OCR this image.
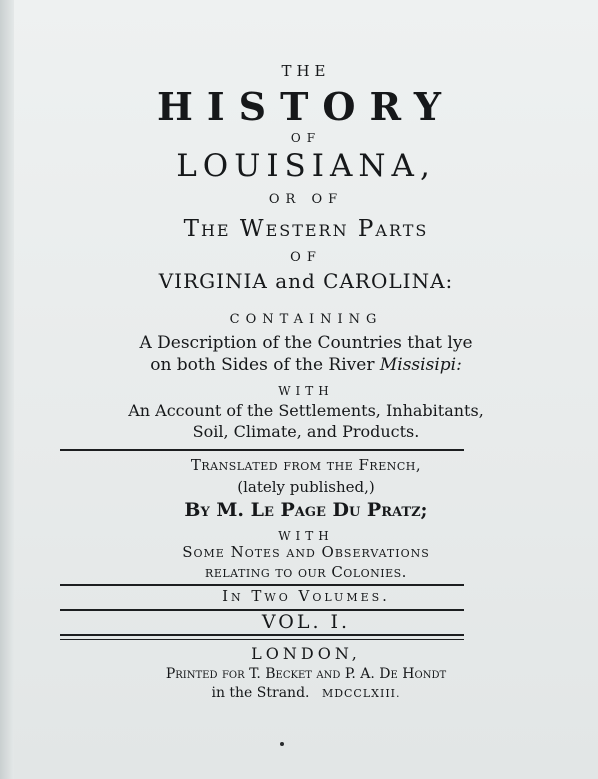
THE
HISTORY
OF
LOUISIANA,
OR OF
The Western Parts
OF
VIRGINIA and CAROLINA:
CONTAINING
A Description of the Countries that lye
on both Sides of the River Missisipi:
WITH
An Account of the Settlements, Inhabitants,
Soil, Climate, and Products.
Translated from the French,
(lately published,)
By M. Le Page Du Pratz;
WITH
Some Notes and Observations
relating to our Colonies.
In Two Volumes.
VOL. I.
LONDON,
Printed for T. Becket and P. A. De Hondt
in the Strand. MDCCLXIII.
